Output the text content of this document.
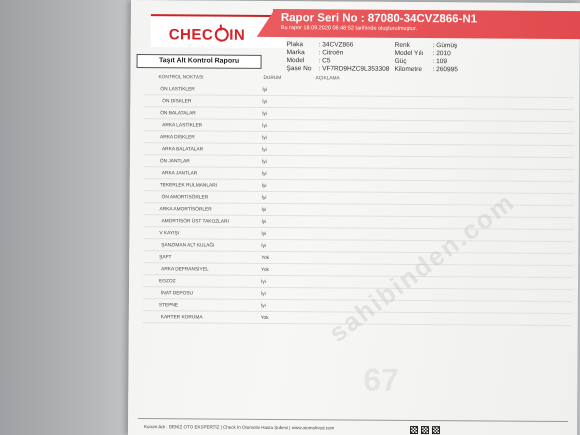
CHEC IN
Rapor Seri No : 87080-34CVZ866-N1
Bu rapor 18.09.2020 08:48:52 tarihinde oluşturulmuştur.
Plaka : 34CVZ866
Marka : Citroën
Model : C5
Şase No : VF7RD9HZC9L353308
Renk	: Gümüş
Model Yılı : 2010
Güç	: 109
Kilometre : 260995
Taşıt Alt Kontrol Raporu
KONTROL NOKTASI	DURUM	AÇIKLAMA
ÖN LASTİKLER	İyi
ÖN DİSKLER	İyi
ÖN BALATALAR	İyi
ARKA LASTİKLER	İyi
ARKA DİSKLER	İyi
ARKA BALATALAR	İyi
ÖN JANTLAR	İyi
ARKA JANTLAR	İyi
TEKERLEK RULMANLARI	İyi
ÖN AMORTİSÖRLER	İyi
ARKA AMORTİSÖRLER	İyi
AMORTİSÖR ÜST TAKOZLARI	İyi
V KAYIŞI	İyi
ŞANZIMAN ALT KULAĞI	İyi
ŞAFT	Yok
ARKA DEFRANSİYEL	Yok
EGZOZ	İyi
İNAT DEPOSU	İyi
STEPNE	İyi
KARTER KORUMA	Yok sahibinden.com
67
Kurum Adı : DENİZ OTO EKSPERTİZ | Check In Otomotiv Hasta Şubesi | www.otomotived.com
